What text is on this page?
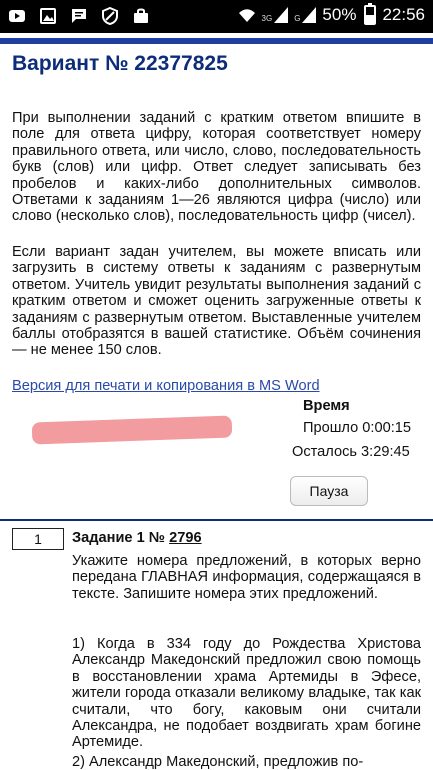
3G	G 50% 22:56
Вариант № 22377825

При выполнении заданий с кратким ответом впишите в поле для ответа цифру, которая соответствует номеру правильного ответа, или число, слово, последовательность букв (слов) или цифр. Ответ следует записывать без пробелов и каких-либо дополнительных символов. Ответами к заданиям 1—26 являются цифра (число) или слово (несколько слов), последовательность цифр (чисел).

Если вариант задан учителем, вы можете вписать или загрузить в систему ответы к заданиям с развернутым ответом. Учитель увидит результаты выполнения заданий с кратким ответом и сможет оценить загруженные ответы к заданиям с развернутым ответом. Выставленные учителем баллы отобразятся в вашей статистике. Объём сочинения — не менее 150 слов.

Версия для печати и копирования в MS Word
Время
Прошло 0:00:15
Осталось 3:29:45
Пауза
1
Задание 1 № 2796

Укажите номера предложений, в которых верно передана ГЛАВНАЯ информация, содержащаяся в тексте. Запишите номера этих предложений.

1) Когда в 334 году до Рождества Христова Александр Македонский предложил свою помощь в восстановлении храма Артемиды в Эфесе, жители города отказали великому владыке, так как считали, что богу, каковым они считали Александра, не подобает воздвигать храм богине Артемиде.

2) Александр Македонский, предложив по-
